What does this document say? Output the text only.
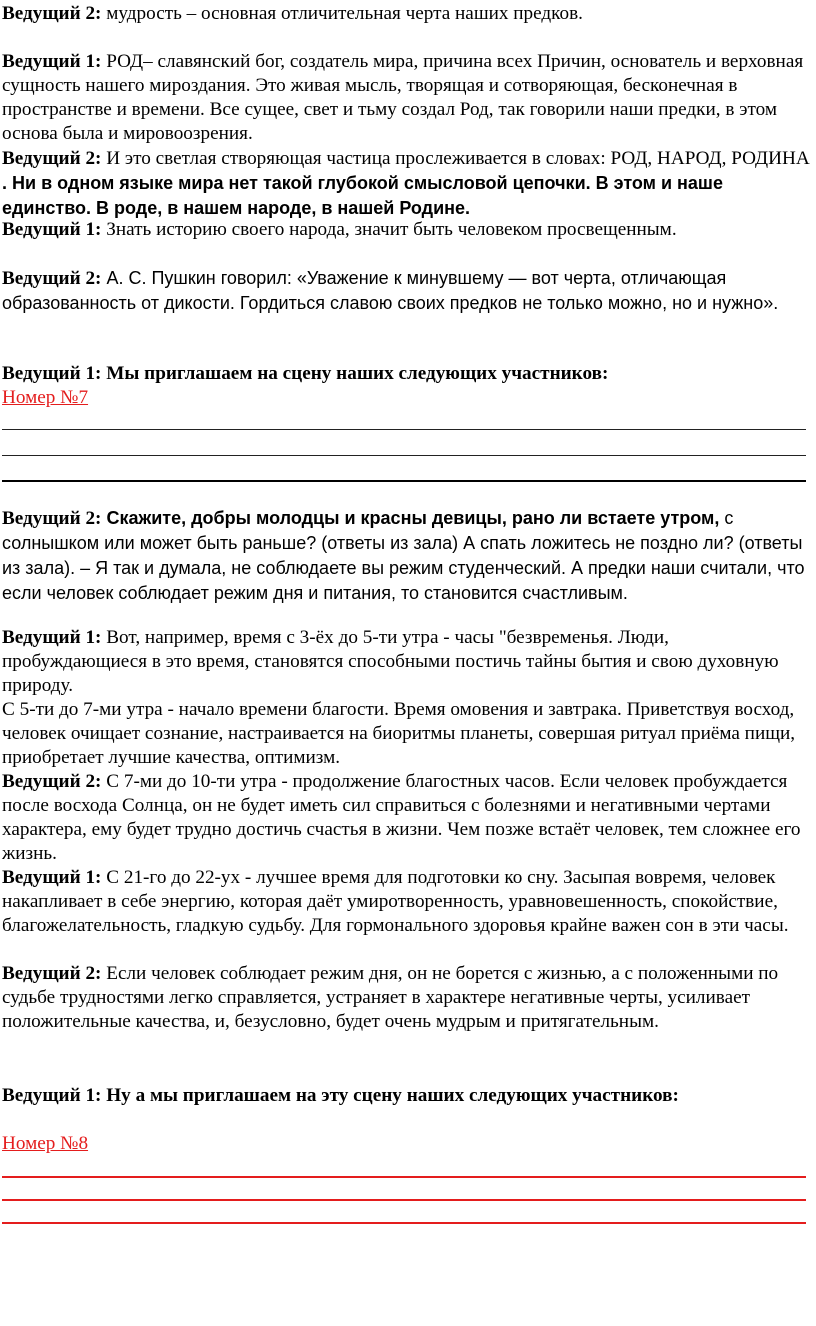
Ведущий 2: мудрость – основная отличительная черта наших предков.

Ведущий 1: РОД– славянский бог, создатель мира, причина всех Причин, основатель и верховная сущность нашего мироздания. Это живая мысль, творящая и сотворяющая, бесконечная в пространстве и времени. Все сущее, свет и тьму создал Род, так говорили наши предки, в этом основа была и мировоозрения.

Ведущий 2: И это светлая створяющая частица прослеживается в словах: РОД, НАРОД, РОДИНА . Ни в одном языке мира нет такой глубокой смысловой цепочки. В этом и наше единство. В роде, в нашем народе, в нашей Родине.

Ведущий 1: Знать историю своего народа, значит быть человеком просвещенным.

Ведущий 2: А. С. Пушкин говорил: «Уважение к минувшему — вот черта, отличающая образованность от дикости. Гордиться славою своих предков не только можно, но и нужно».

Ведущий 1: Мы приглашаем на сцену наших следующих участников:

Номер №7

Ведущий 2: Скажите, добры молодцы и красны девицы, рано ли встаете утром, с солнышком или может быть раньше? (ответы из зала) А спать ложитесь не поздно ли? (ответы из зала). – Я так и думала, не соблюдаете вы режим студенческий. А предки наши считали, что если человек соблюдает режим дня и питания, то становится счастливым.

Ведущий 1: Вот, например, время с 3-ёх до 5-ти утра - часы "безвременья. Люди, пробуждающиеся в это время, становятся способными постичь тайны бытия и свою духовную природу.

С 5-ти до 7-ми утра - начало времени благости. Время омовения и завтрака. Приветствуя восход, человек очищает сознание, настраивается на биоритмы планеты, совершая ритуал приёма пищи, приобретает лучшие качества, оптимизм.

Ведущий 2: С 7-ми до 10-ти утра - продолжение благостных часов. Если человек пробуждается после восхода Солнца, он не будет иметь сил справиться с болезнями и негативными чертами характера, ему будет трудно достичь счастья в жизни. Чем позже встаёт человек, тем сложнее его жизнь.

Ведущий 1: С 21-го до 22-ух - лучшее время для подготовки ко сну. Засыпая вовремя, человек накапливает в себе энергию, которая даёт умиротворенность, уравновешенность, спокойствие, благожелательность, гладкую судьбу. Для гормонального здоровья крайне важен сон в эти часы.

Ведущий 2: Если человек соблюдает режим дня, он не борется с жизнью, а с положенными по судьбе трудностями легко справляется, устраняет в характере негативные черты, усиливает положительные качества, и, безусловно, будет очень мудрым и притягательным.

Ведущий 1: Ну а мы приглашаем на эту сцену наших следующих участников:

Номер №8
